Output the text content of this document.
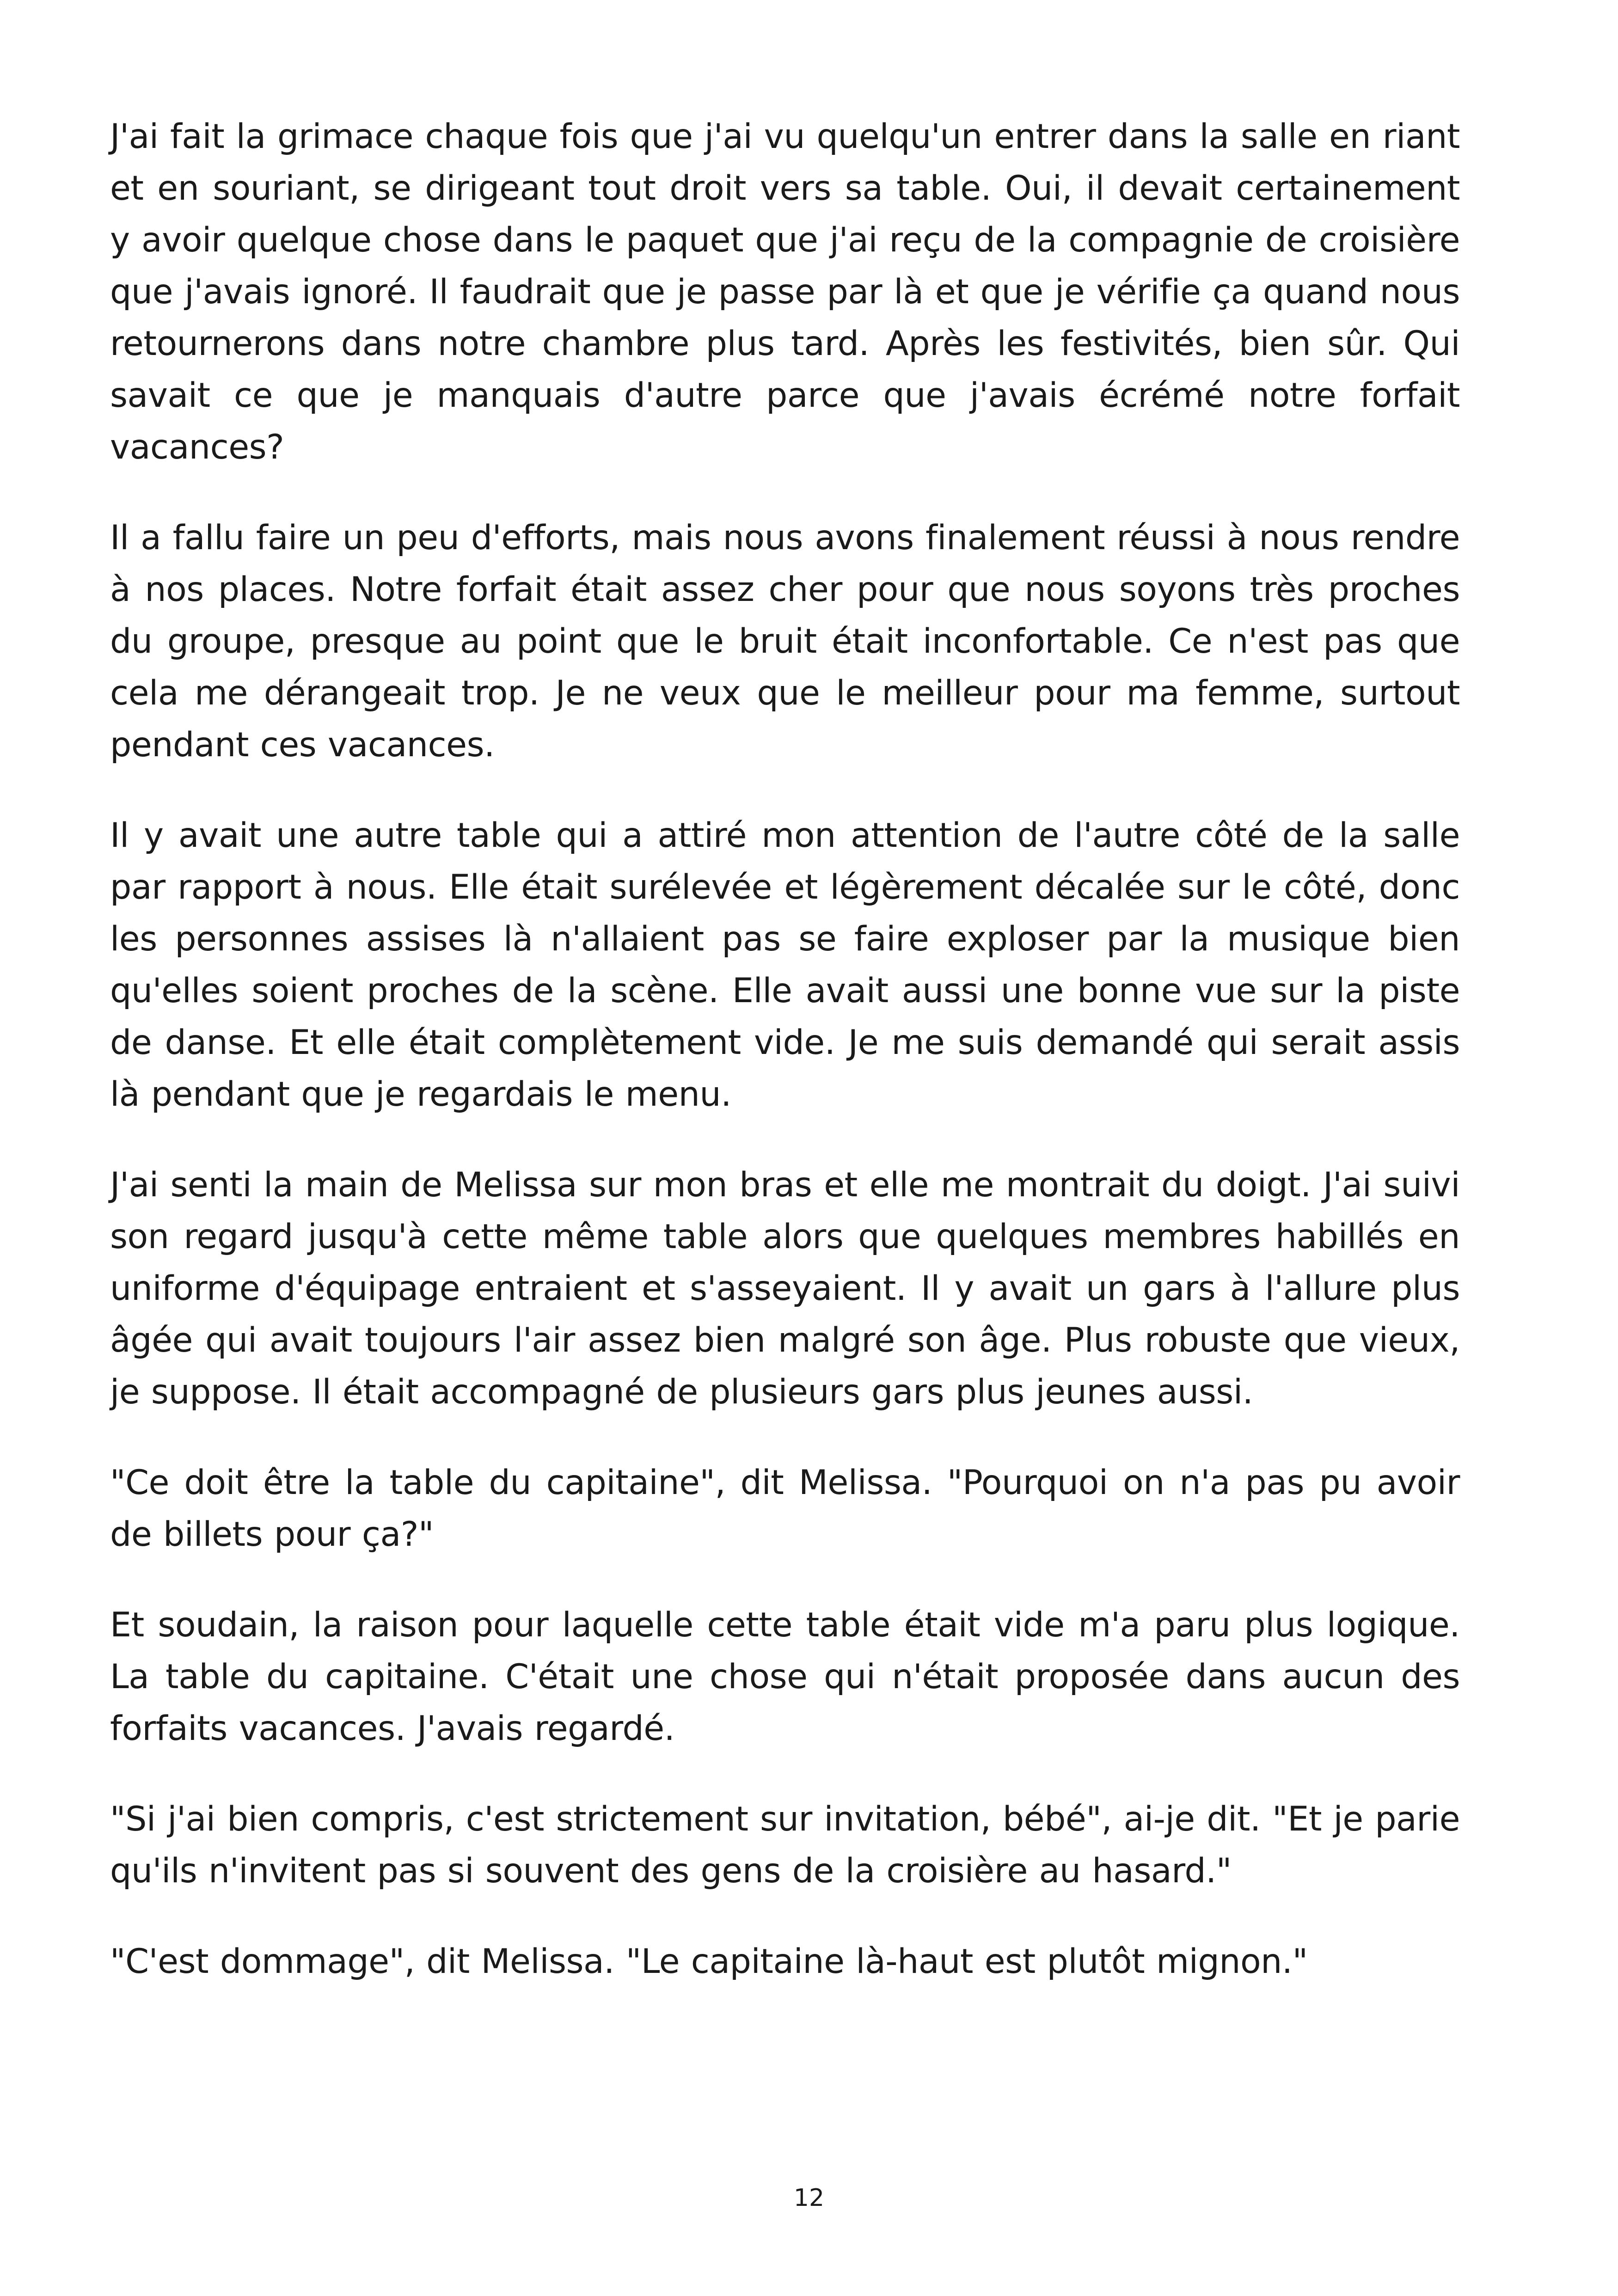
J'ai fait la grimace chaque fois que j'ai vu quelqu'un entrer dans la salle en riant et en souriant, se dirigeant tout droit vers sa table. Oui, il devait certainement y avoir quelque chose dans le paquet que j'ai reçu de la compagnie de croisière que j'avais ignoré. Il faudrait que je passe par là et que je vérifie ça quand nous retournerons dans notre chambre plus tard. Après les festivités, bien sûr. Qui savait ce que je manquais d'autre parce que j'avais écrémé notre forfait vacances?

Il a fallu faire un peu d'efforts, mais nous avons finalement réussi à nous rendre à nos places. Notre forfait était assez cher pour que nous soyons très proches du groupe, presque au point que le bruit était inconfortable. Ce n'est pas que cela me dérangeait trop. Je ne veux que le meilleur pour ma femme, surtout pendant ces vacances.

Il y avait une autre table qui a attiré mon attention de l'autre côté de la salle par rapport à nous. Elle était surélevée et légèrement décalée sur le côté, donc les personnes assises là n'allaient pas se faire exploser par la musique bien qu'elles soient proches de la scène. Elle avait aussi une bonne vue sur la piste de danse. Et elle était complètement vide. Je me suis demandé qui serait assis là pendant que je regardais le menu.

J'ai senti la main de Melissa sur mon bras et elle me montrait du doigt. J'ai suivi son regard jusqu'à cette même table alors que quelques membres habillés en uniforme d'équipage entraient et s'asseyaient. Il y avait un gars à l'allure plus âgée qui avait toujours l'air assez bien malgré son âge. Plus robuste que vieux, je suppose. Il était accompagné de plusieurs gars plus jeunes aussi.

"Ce doit être la table du capitaine", dit Melissa. "Pourquoi on n'a pas pu avoir de billets pour ça?"

Et soudain, la raison pour laquelle cette table était vide m'a paru plus logique. La table du capitaine. C'était une chose qui n'était proposée dans aucun des forfaits vacances. J'avais regardé.

"Si j'ai bien compris, c'est strictement sur invitation, bébé", ai-je dit. "Et je parie qu'ils n'invitent pas si souvent des gens de la croisière au hasard."

"C'est dommage", dit Melissa. "Le capitaine là-haut est plutôt mignon."

12
